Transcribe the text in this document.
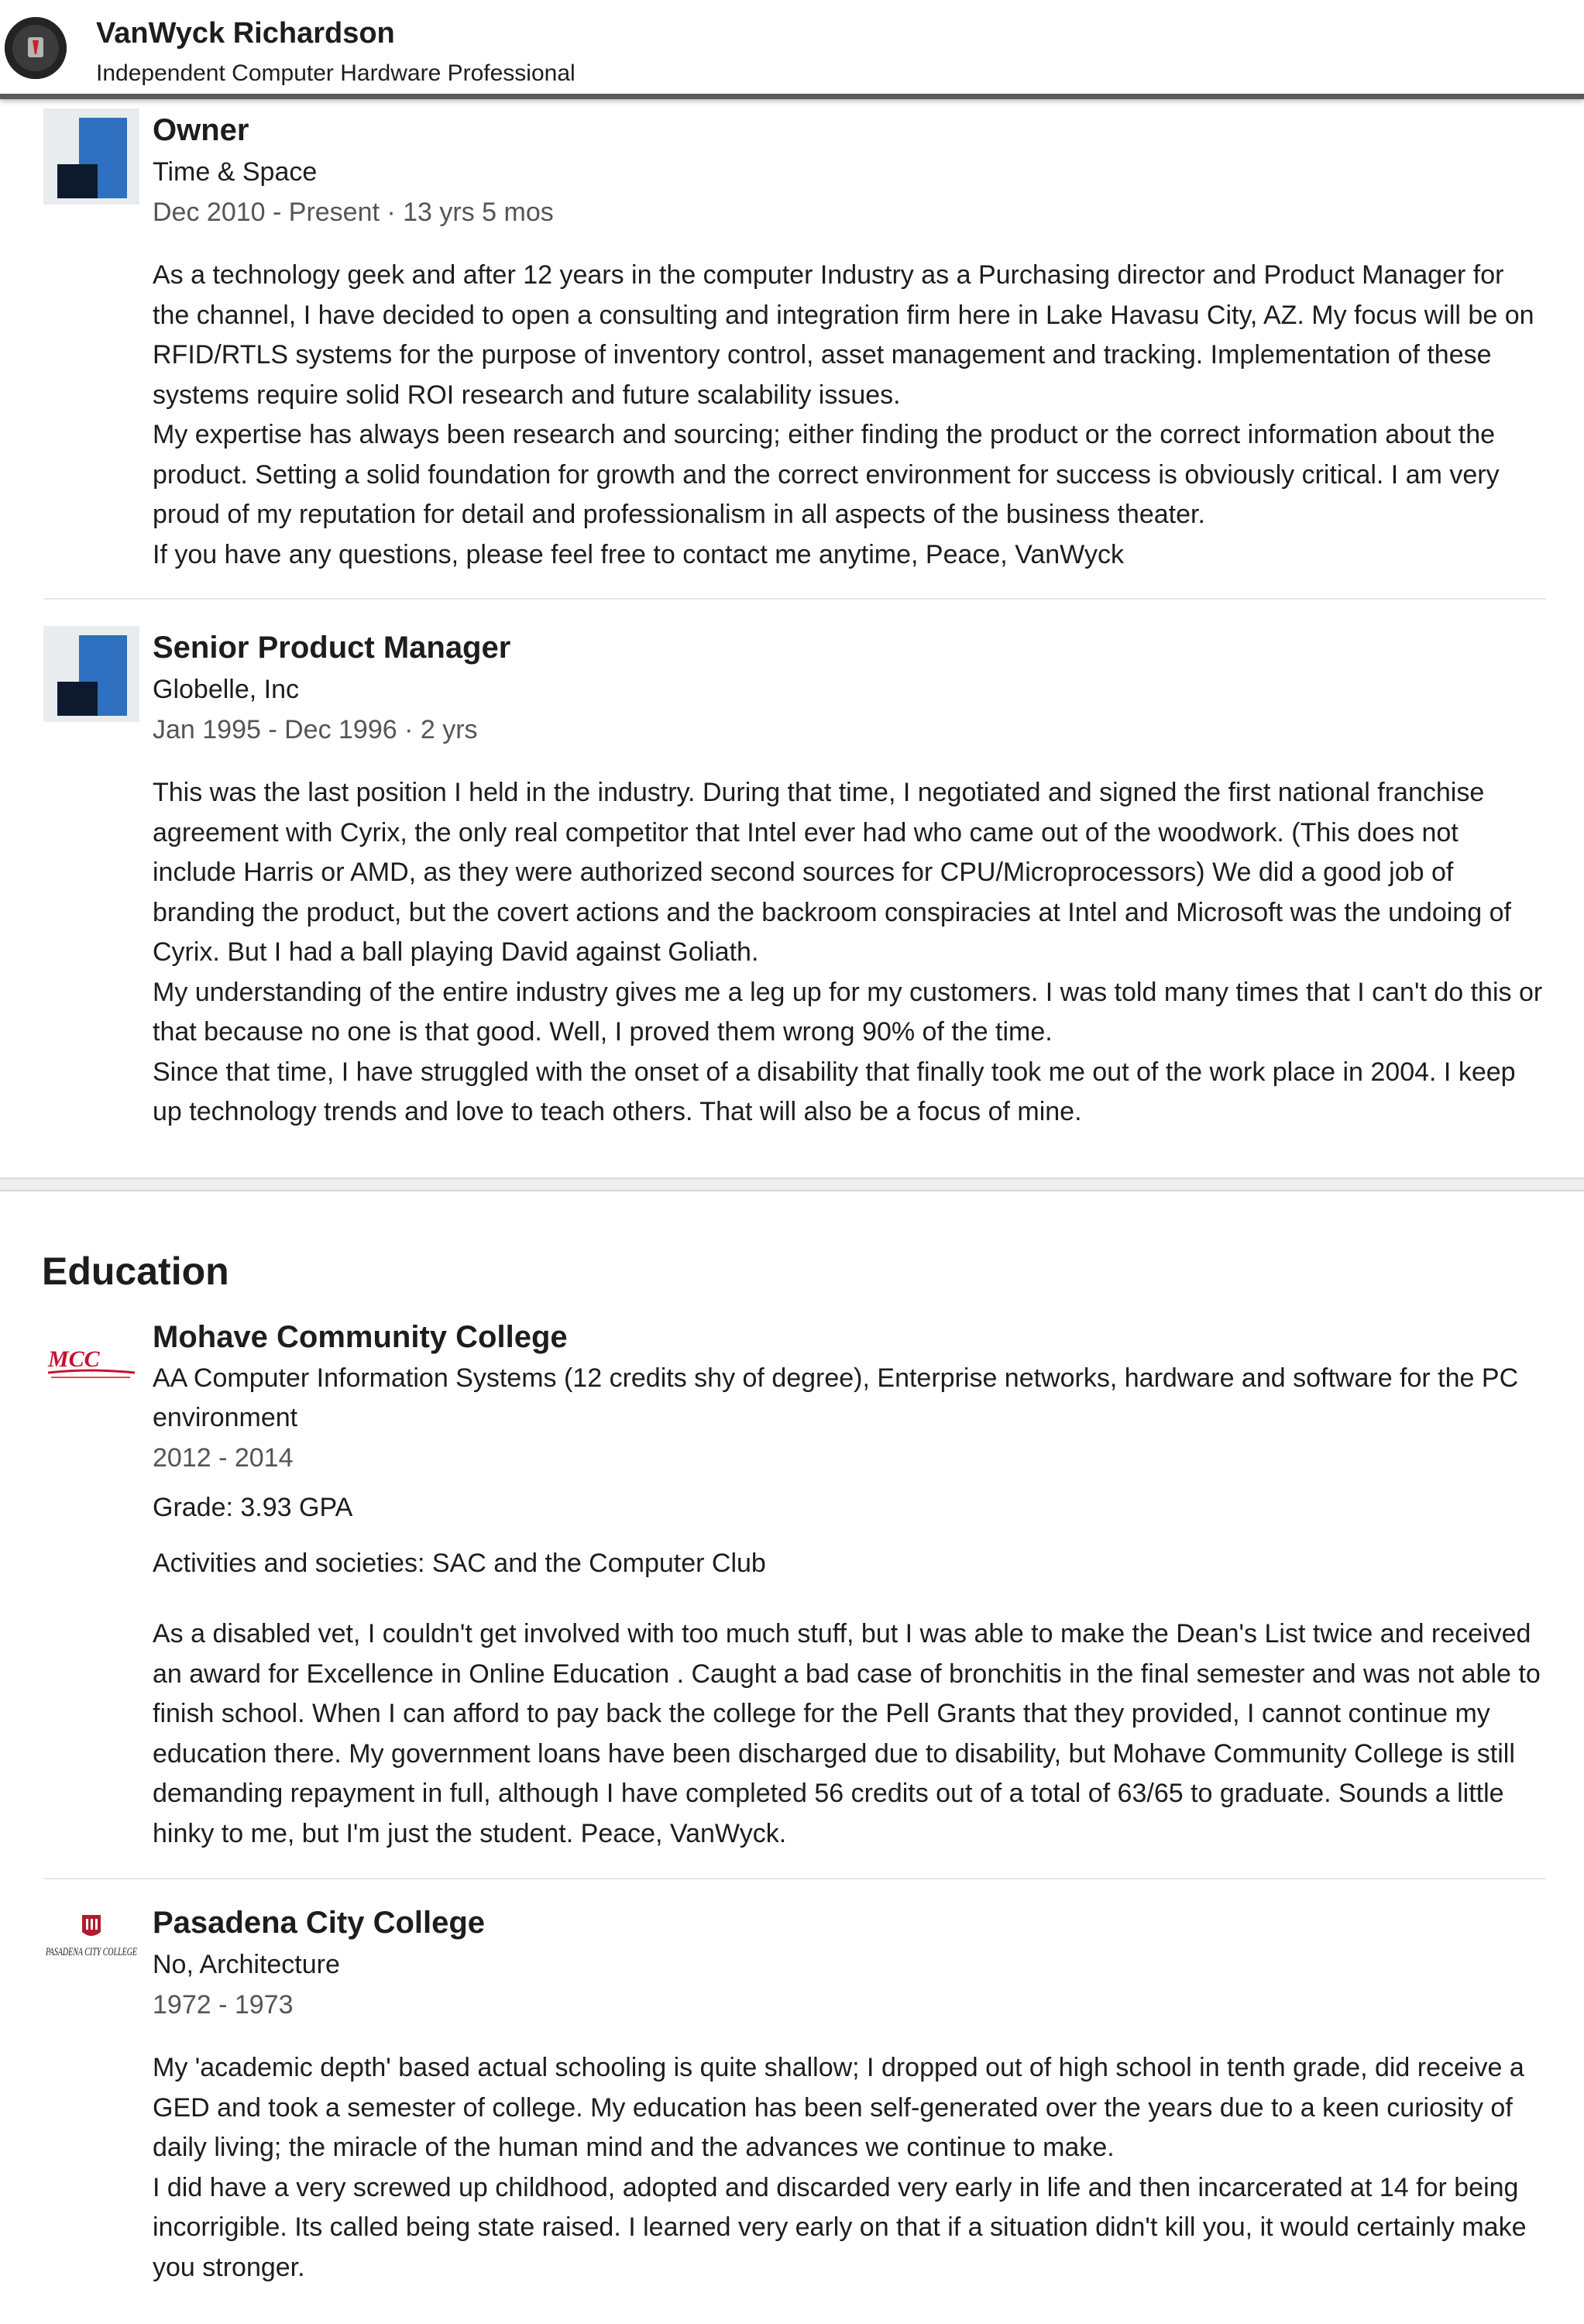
VanWyck Richardson
Independent Computer Hardware Professional
Owner
Time & Space
Dec 2010 - Present · 13 yrs 5 mos

As a technology geek and after 12 years in the computer Industry as a Purchasing director and Product Manager for the channel, I have decided to open a consulting and integration firm here in Lake Havasu City, AZ. My focus will be on RFID/RTLS systems for the purpose of inventory control, asset management and tracking. Implementation of these systems require solid ROI research and future scalability issues.

My expertise has always been research and sourcing; either finding the product or the correct information about the product. Setting a solid foundation for growth and the correct environment for success is obviously critical. I am very proud of my reputation for detail and professionalism in all aspects of the business theater.

If you have any questions, please feel free to contact me anytime, Peace, VanWyck

Senior Product Manager
Globelle, Inc
Jan 1995 - Dec 1996 · 2 yrs

This was the last position I held in the industry. During that time, I negotiated and signed the first national franchise agreement with Cyrix, the only real competitor that Intel ever had who came out of the woodwork. (This does not include Harris or AMD, as they were authorized second sources for CPU/Microprocessors) We did a good job of branding the product, but the covert actions and the backroom conspiracies at Intel and Microsoft was the undoing of Cyrix. But I had a ball playing David against Goliath.

My understanding of the entire industry gives me a leg up for my customers. I was told many times that I can't do this or that because no one is that good. Well, I proved them wrong 90% of the time.

Since that time, I have struggled with the onset of a disability that finally took me out of the work place in 2004. I keep up technology trends and love to teach others. That will also be a focus of mine.

Education
MCC
Mohave Community College
AA Computer Information Systems (12 credits shy of degree), Enterprise networks, hardware and software for the PC environment
2012 - 2014
Grade: 3.93 GPA
Activities and societies: SAC and the Computer Club

As a disabled vet, I couldn't get involved with too much stuff, but I was able to make the Dean's List twice and received an award for Excellence in Online Education . Caught a bad case of bronchitis in the final semester and was not able to finish school. When I can afford to pay back the college for the Pell Grants that they provided, I cannot continue my education there. My government loans have been discharged due to disability, but Mohave Community College is still demanding repayment in full, although I have completed 56 credits out of a total of 63/65 to graduate. Sounds a little hinky to me, but I'm just the student. Peace, VanWyck.

PASADENA CITY COLLEGE
Pasadena City College
No, Architecture
1972 - 1973

My 'academic depth' based actual schooling is quite shallow; I dropped out of high school in tenth grade, did receive a GED and took a semester of college. My education has been self-generated over the years due to a keen curiosity of daily living; the miracle of the human mind and the advances we continue to make.

I did have a very screwed up childhood, adopted and discarded very early in life and then incarcerated at 14 for being incorrigible. Its called being state raised. I learned very early on that if a situation didn't kill you, it would certainly make you stronger.
